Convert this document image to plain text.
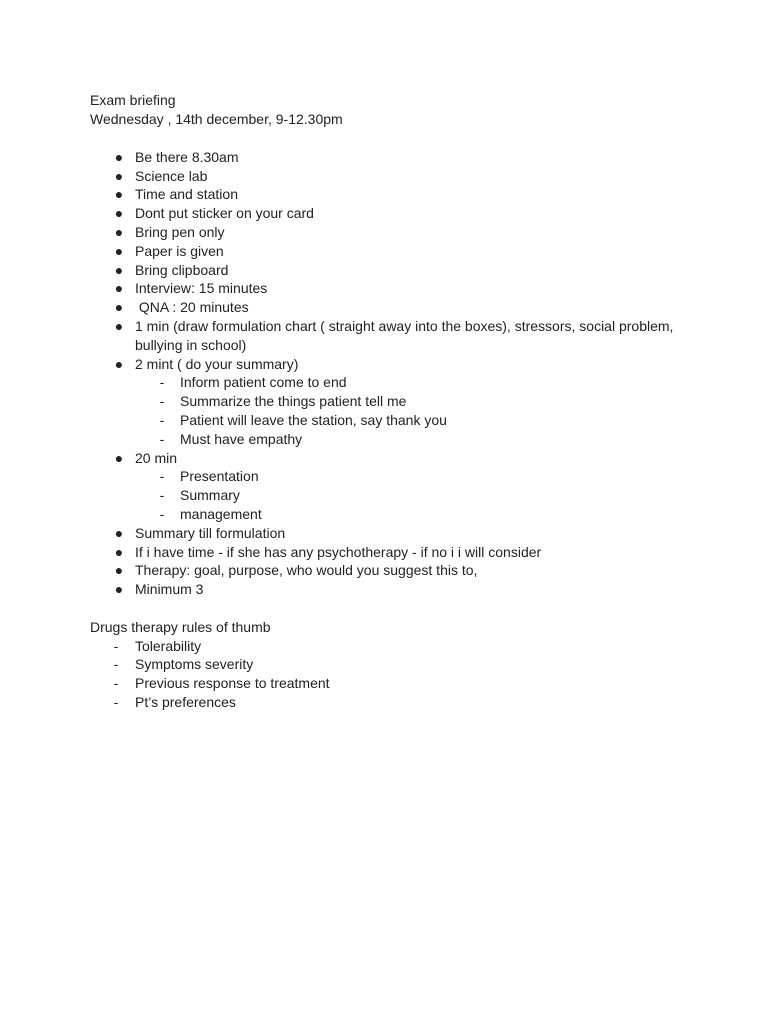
Exam briefing
Wednesday , 14th december, 9-12.30pm
● Be there 8.30am
● Science lab
● Time and station
● Dont put sticker on your card
● Bring pen only
● Paper is given
● Bring clipboard
● Interview: 15 minutes
● QNA : 20 minutes
● 1 min (draw formulation chart ( straight away into the boxes), stressors, social problem,
bullying in school)
● 2 mint ( do your summary)
- Inform patient come to end
- Summarize the things patient tell me
- Patient will leave the station, say thank you
- Must have empathy
● 20 min
- Presentation
- Summary
- management
● Summary till formulation
● If i have time - if she has any psychotherapy - if no i i will consider
● Therapy: goal, purpose, who would you suggest this to,
● Minimum 3
Drugs therapy rules of thumb
- Tolerability
- Symptoms severity
- Previous response to treatment
- Pt’s preferences
